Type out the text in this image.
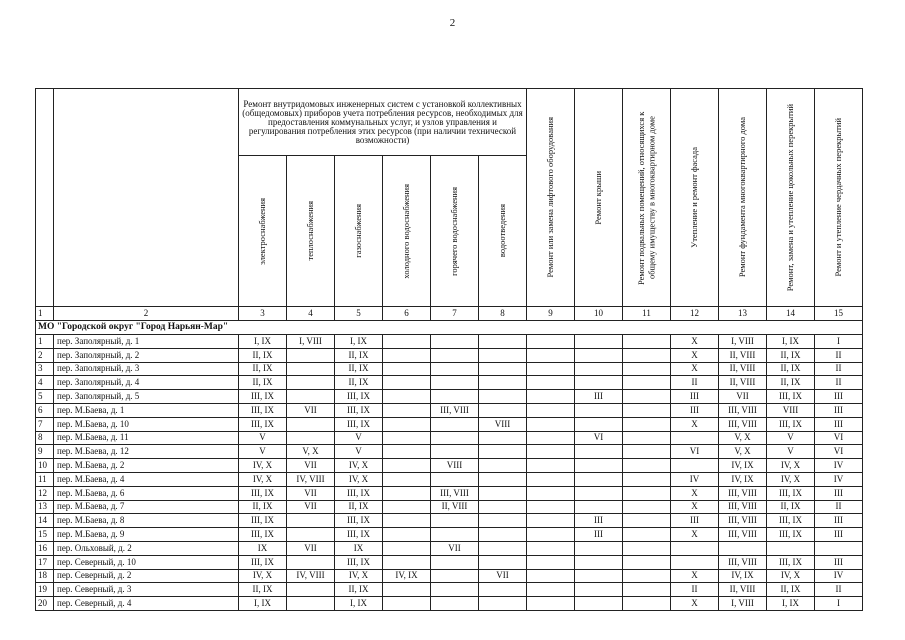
2
		Ремонт внутридомовых инженерных систем с установкой коллективных (общедомовых) приборов учета потребления ресурсов, необходимых для предоставления коммунальных услуг, и узлов управления и регулирования потребления этих ресурсов (при наличии технической возможности)						Ремонт или замена лифтового оборудования	Ремонт крыши	Ремонт подвальных помещений, относящихся к общему имуществу в многоквартирном доме	Утепление и ремонт фасада	Ремонт фундамента многоквартирного дома	Ремонт, замена и утепление цокольных перекрытий	Ремонт и утепление чердачных перекрытий

		электроснабжения	теплоснабжения	газоснабжения	холодного водоснабжения	горячего водоснабжения	водоотведения							

1	2	3	4	5	6	7	8	9	10	11	12	13	14	15
МО "Городской округ "Город Нарьян-Мар"														
1	пер. Заполярный, д. 1	I, IX	I, VIII	I, IX							X	I, VIII	I, IX	I
2	пер. Заполярный, д. 2	II, IX		II, IX							X	II, VIII	II, IX	II
3	пер. Заполярный, д. 3	II, IX		II, IX							X	II, VIII	II, IX	II
4	пер. Заполярный, д. 4	II, IX		II, IX							II	II, VIII	II, IX	II
5	пер. Заполярный, д. 5	III, IX		III, IX					III		III	VII	III, IX	III
6	пер. М.Баева, д. 1	III, IX	VII	III, IX		III, VIII					III	III, VIII	VIII	III
7	пер. М.Баева, д. 10	III, IX		III, IX			VIII				X	III, VIII	III, IX	III
8	пер. М.Баева, д. 11	V		V					VI			V, X	V	VI
9	пер. М.Баева, д. 12	V	V, X	V							VI	V, X	V	VI
10	пер. М.Баева, д. 2	IV, X	VII	IV, X		VIII						IV, IX	IV, X	IV
11	пер. М.Баева, д. 4	IV, X	IV, VIII	IV, X							IV	IV, IX	IV, X	IV
12	пер. М.Баева, д. 6	III, IX	VII	III, IX		III, VIII					X	III, VIII	III, IX	III
13	пер. М.Баева, д. 7	II, IX	VII	II, IX		II, VIII					X	III, VIII	II, IX	II
14	пер. М.Баева, д. 8	III, IX		III, IX					III		III	III, VIII	III, IX	III
15	пер. М.Баева, д. 9	III, IX		III, IX					III		X	III, VIII	III, IX	III
16	пер. Ольховый, д. 2	IX	VII	IX		VII								
17	пер. Северный, д. 10	III, IX		III, IX								III, VIII	III, IX	III
18	пер. Северный, д. 2	IV, X	IV, VIII	IV, X	IV, IX		VII				X	IV, IX	IV, X	IV
19	пер. Северный, д. 3	II, IX		II, IX							II	II, VIII	II, IX	II
20	пер. Северный, д. 4	I, IX		I, IX							X	I, VIII	I, IX	I
